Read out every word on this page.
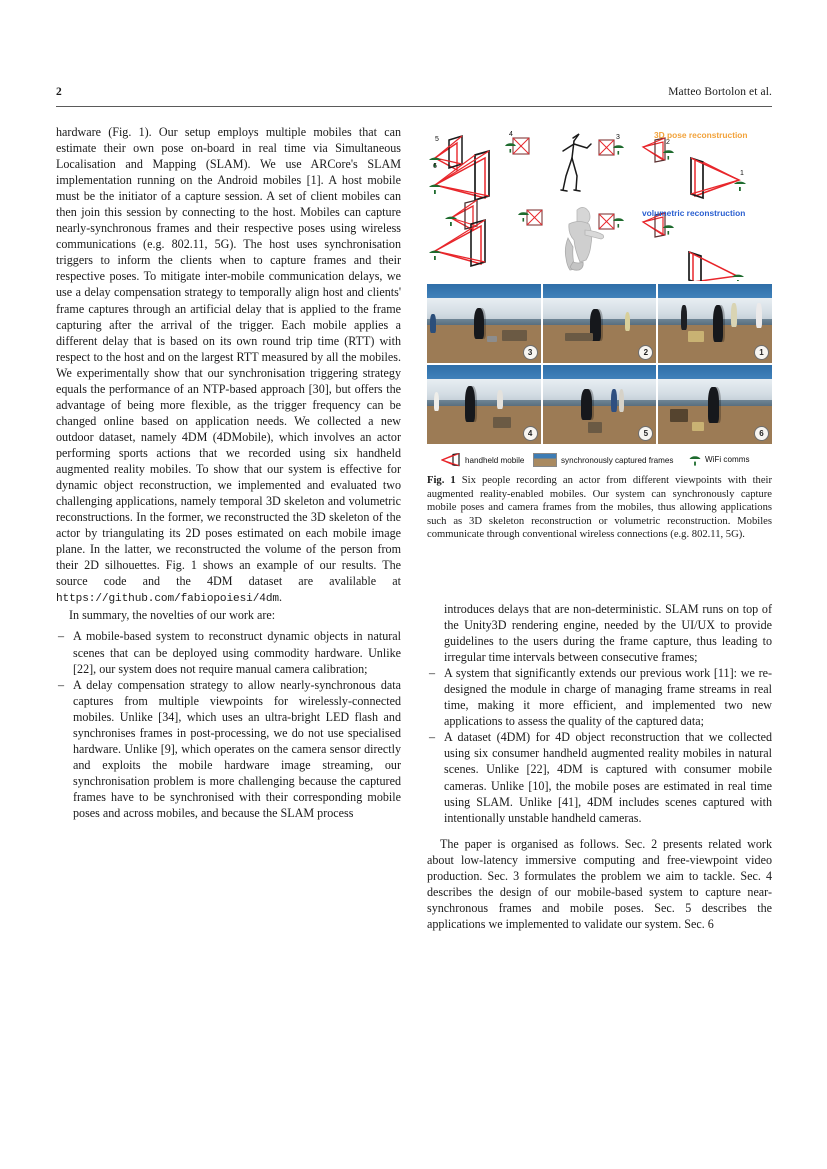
2	Matteo Bortolon et al.

hardware (Fig. 1). Our setup employs multiple mobiles that can estimate their own pose on-board in real time via Simultaneous Localisation and Mapping (SLAM). We use ARCore's SLAM implementation running on the Android mobiles [1]. A host mobile must be the initiator of a capture session. A set of client mobiles can then join this session by connecting to the host. Mobiles can capture nearly-synchronous frames and their respective poses using wireless communications (e.g. 802.11, 5G). The host uses synchronisation triggers to inform the clients when to capture frames and their respective poses. To mitigate inter-mobile communication delays, we use a delay compensation strategy to temporally align host and clients' frame captures through an artificial delay that is applied to the frame capturing after the arrival of the trigger. Each mobile applies a different delay that is based on its own round trip time (RTT) with respect to the host and on the largest RTT measured by all the mobiles. We experimentally show that our synchronisation triggering strategy equals the performance of an NTP-based approach [30], but offers the advantage of being more flexible, as the trigger frequency can be changed online based on application needs. We collected a new outdoor dataset, namely 4DM (4DMobile), which involves an actor performing sports actions that we recorded using six handheld augmented reality mobiles. To show that our system is effective for dynamic object reconstruction, we implemented and evaluated two challenging applications, namely temporal 3D skeleton and volumetric reconstructions. In the former, we reconstructed the 3D skeleton of the actor by triangulating its 2D poses estimated on each mobile image plane. In the latter, we reconstructed the volume of the person from their 2D silhouettes. Fig. 1 shows an example of our results. The source code and the 4DM dataset are avalilable at https://github.com/fabiopoiesi/4dm.

In summary, the novelties of our work are:

– A mobile-based system to reconstruct dynamic objects in natural scenes that can be deployed using commodity hardware. Unlike [22], our system does not require manual camera calibration;
– A delay compensation strategy to allow nearly-synchronous data captures from multiple viewpoints for wirelessly-connected mobiles. Unlike [34], which uses an ultra-bright LED flash and synchronises frames in post-processing, we do not use specialised hardware. Unlike [9], which operates on the camera sensor directly and exploits the mobile hardware image streaming, our synchronisation problem is more challenging because the captured frames have to be synchronised with their corresponding mobile poses and across mobiles, and because the SLAM process
5
6
4	3
2
1
3D pose reconstruction
volumetric reconstruction
3	2	1
4	5	6
handheld mobile	synchronously captured frames	WiFi comms
Fig. 1 Six people recording an actor from different viewpoints with their augmented reality-enabled mobiles. Our system can synchronously capture mobile poses and camera frames from the mobiles, thus allowing applications such as 3D skeleton reconstruction or volumetric reconstruction. Mobiles communicate through conventional wireless connections (e.g. 802.11, 5G).

introduces delays that are non-deterministic. SLAM runs on top of the Unity3D rendering engine, needed by the UI/UX to provide guidelines to the users during the frame capture, thus leading to irregular time intervals between consecutive frames;

– A system that significantly extends our previous work [11]: we re-designed the module in charge of managing frame streams in real time, making it more efficient, and implemented two new applications to assess the quality of the captured data;
– A dataset (4DM) for 4D object reconstruction that we collected using six consumer handheld augmented reality mobiles in natural scenes. Unlike [22], 4DM is captured with consumer mobile cameras. Unlike [10], the mobile poses are estimated in real time using SLAM. Unlike [41], 4DM includes scenes captured with intentionally unstable handheld cameras.

The paper is organised as follows. Sec. 2 presents related work about low-latency immersive computing and free-viewpoint video production. Sec. 3 formulates the problem we aim to tackle. Sec. 4 describes the design of our mobile-based system to capture near-synchronous frames and mobile poses. Sec. 5 describes the applications we implemented to validate our system. Sec. 6
